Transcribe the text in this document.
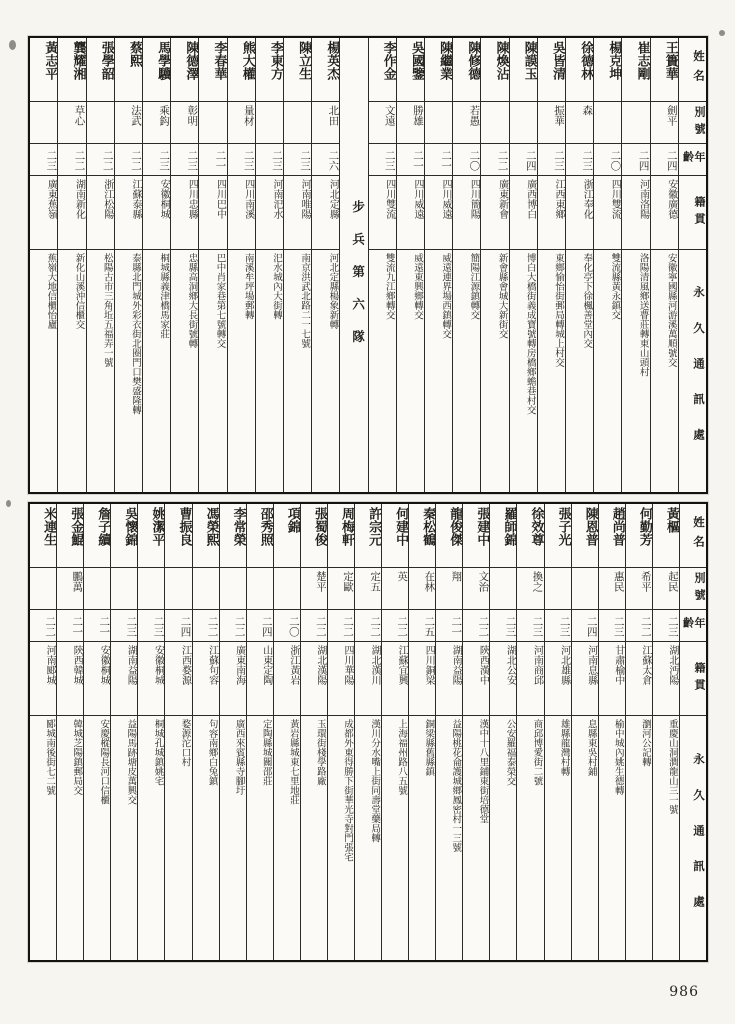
姓名
別號
年齡
籍貫
永久通訊處
王簣華
劍平
二四
安徽廣德
安徽寧國縣河游溪萬順號交
崔志剛
二四
河南洛陽
洛陽清風鄉送瞢莊轉東山頭村
楊克坤
二〇
四川雙流
雙流縣黃永鎮交
徐德林
森
二三
浙江奉化
奉化亭下徐楓善堂內交
吳皆清
振華
二三
江西東鄉
東鄉愉怡街郵局轉城上村交
陳謨玉
二四
廣西博白
博白大橋街義成寶號轉房橋鄉蟾巷村交
陳煥沾
二二
廣東新會
新會縣會城大新街交
陳修德
若愚
二〇
四川簡陽
簡陽江源鎮轉交
陳繼業
二一
四川威遠
威遠連界場西鎮轉交
吳國鑒
勝雄
二一
四川威遠
威遠東興鄉轉交
李作金
文遠
二三
四川雙流
雙流九江鄉轉交
步兵第六隊
楊英杰
北田
二六
河北定縣
河北定縣楊象新轉
陳立生
二三
河南唯陽
南京洪武北路二一七號
李東方
二三
河南汜水
汜水城內大街轉
熊大權
量材
二三
四川南溪
南溪牟坪場郵轉
李春華
二一
四川巴中
巴中肖家巷第七號轉交
陳德澤
彰明
二三
四川忠縣
忠縣高洞鄉大長街號轉
馬學驥
乘鈎
二三
安徽桐城
桐城縣義津橋馬家莊
蔡熙
法武
二二
江蘇泰縣
泰縣北門城外彩衣街北圈門口樊盛隆轉
張學韶
二二
浙江松陽
松陽古市三角坵五福弄一號
龔耀湘
草心
二二
湖南新化
新化山溪沖信櫃交
黃志平
二三
廣東蕉嶺
蕉嶺大地信櫃怡廬
姓名
別號
年齡
籍貫
永久通訊處
黃樞
起民
二三
湖北沔陽
重慶山洞澗龍山三一號
何勤芳
希平
二二
江蘇太倉
瀏河公記轉
趙尚普
惠民
二三
甘肅榆中
榆中城內姚生德轉
陳恩普
二四
河南息縣
息縣東吳村鋪
張子光
二三
河北雄縣
雄縣龍灣村轉
徐效尊
換之
二三
河南商邱
商邱博愛街二號
羅師錦
二三
湖北公安
公安羅福泰榮交
張建中
文治
二二
陝西漢中
漢中十八里鋪東街培德堂
龍俊傑
翔
二一
湖南益陽
益陽桃花侖護城鄉鳳密村一三號
秦松鶴
在林
二五
四川銅梁
銅梁縣舊縣鎮
何建中
英
二二
江蘇宜興
上海福州路八五號
許宗元
定五
二二
湖北漢川
漢川分水嘴上街同壽堂藥局轉
周梅軒
定歐
二二
四川華陽
成都外東得勝下街華光寺對門張宅
張蜀俊
楚平
二二
湖北漢陽
玉環街棧學路廠
項錦
二〇
浙江黃岩
黃岩縣城東七里地莊
邵秀照
二四
山東定陶
定陶縣城關邵莊
李常榮
二二
廣東南海
廣西來賓縣寺腳圩
馮榮熙
二二
江蘇句容
句容南鄉白兔鎮
曹振良
二四
江西婺源
婺源沱口村
姚潔平
二三
安徽桐城
桐城孔城鎮姚宅
吳懷錦
二三
湖南益陽
益陽馬跡塘皮萬興交
詹子續
二一
安徽桐城
安慶樅陽長河口信櫃
張金鯤
鵬萬
二一
陝西韓城
韓城芝陽鎮郵局交
米連生
二二
河南郾城
郾城南後街七二號
986
